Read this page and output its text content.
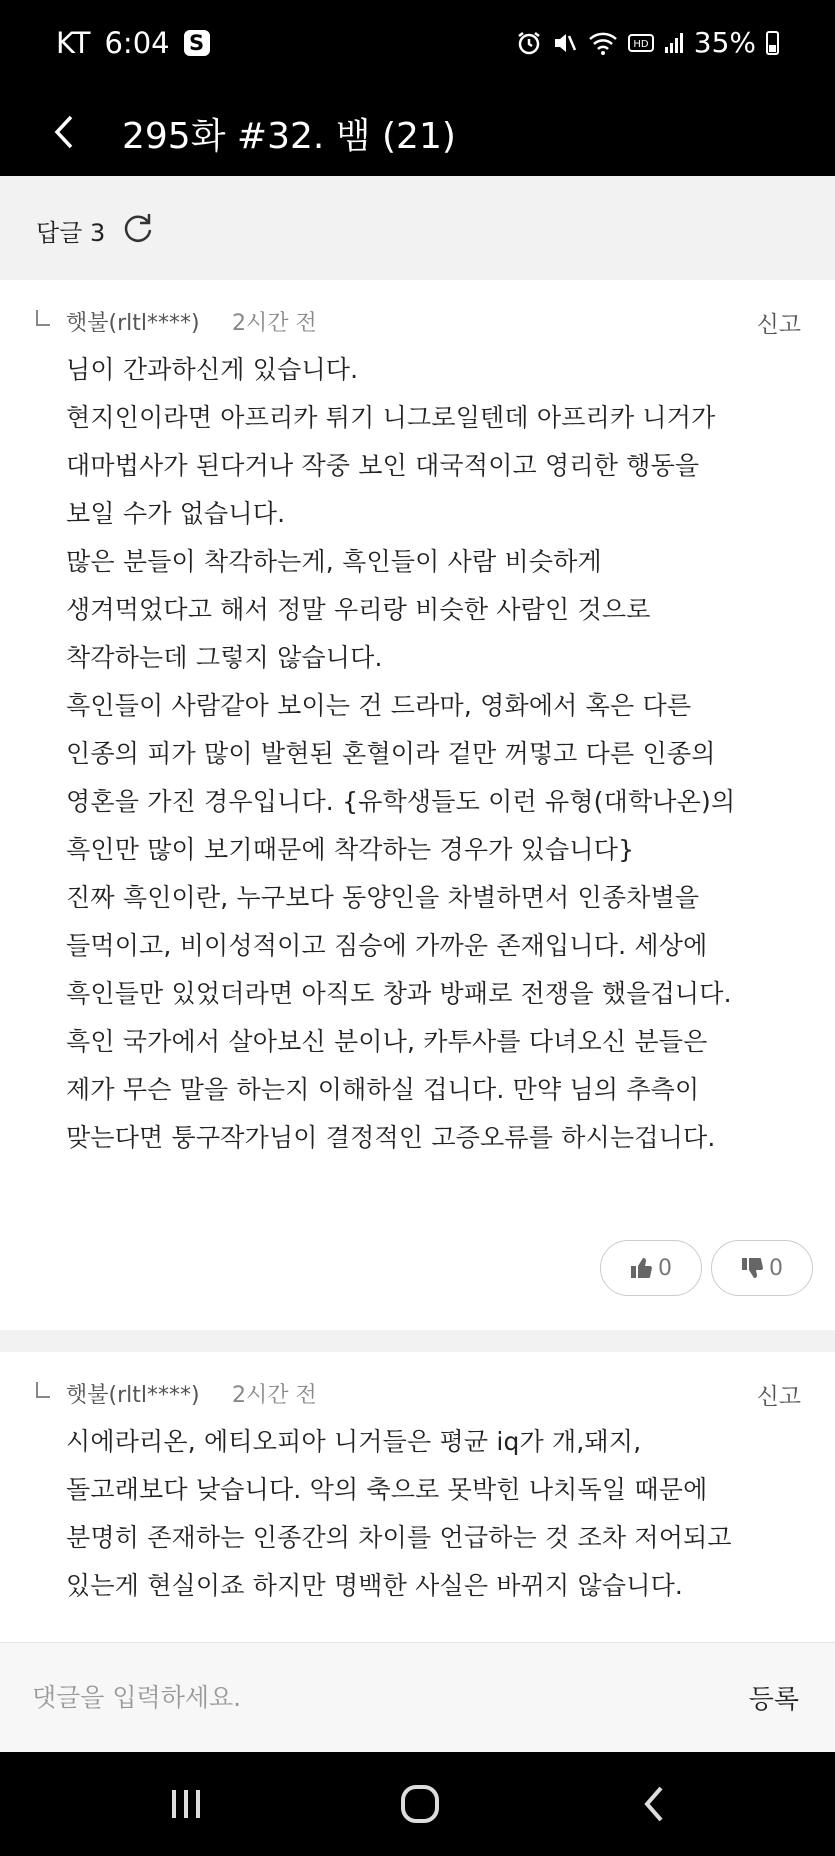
KT 6:04 S	HD 35%
295화 #32. 뱀 (21)
답글 3
햇불(rltl****) 2시간 전	신고
님이 간과하신게 있습니다.
현지인이라면 아프리카 튀기 니그로일텐데 아프리카 니거가
대마법사가 된다거나 작중 보인 대국적이고 영리한 행동을
보일 수가 없습니다.
많은 분들이 착각하는게, 흑인들이 사람 비슷하게
생겨먹었다고 해서 정말 우리랑 비슷한 사람인 것으로
착각하는데 그렇지 않습니다.
흑인들이 사람같아 보이는 건 드라마, 영화에서 혹은 다른
인종의 피가 많이 발현된 혼혈이라 겉만 꺼멓고 다른 인종의
영혼을 가진 경우입니다. {유학생들도 이런 유형(대학나온)의
흑인만 많이 보기때문에 착각하는 경우가 있습니다}
진짜 흑인이란, 누구보다 동양인을 차별하면서 인종차별을
들먹이고, 비이성적이고 짐승에 가까운 존재입니다. 세상에
흑인들만 있었더라면 아직도 창과 방패로 전쟁을 했을겁니다.
흑인 국가에서 살아보신 분이나, 카투사를 다녀오신 분들은
제가 무슨 말을 하는지 이해하실 겁니다. 만약 님의 추측이
맞는다면 퉁구작가님이 결정적인 고증오류를 하시는겁니다.
0	0
햇불(rltl****) 2시간 전	신고
시에라리온, 에티오피아 니거들은 평균 iq가 개,돼지,
돌고래보다 낮습니다. 악의 축으로 못박힌 나치독일 때문에
분명히 존재하는 인종간의 차이를 언급하는 것 조차 저어되고
있는게 현실이죠 하지만 명백한 사실은 바뀌지 않습니다.
댓글을 입력하세요.
등록
